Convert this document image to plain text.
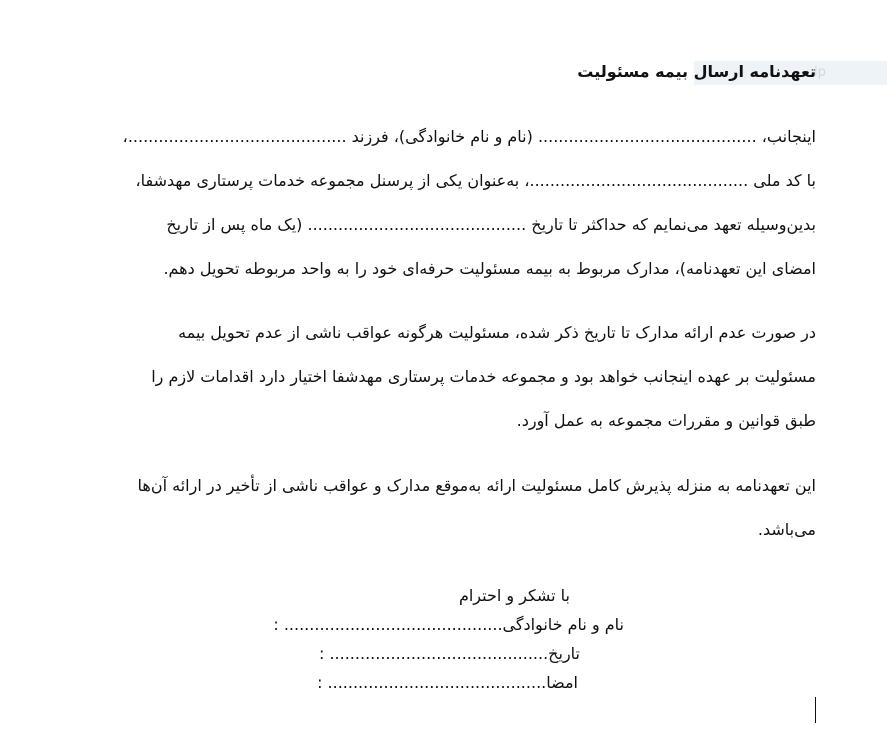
ip
تعهدنامه ارسال بیمه مسئولیت
اینجانب، ........................................... (نام و نام خانوادگی)، فرزند ...........................................،
با کد ملی ...........................................، به‌عنوان یکی از پرسنل مجموعه خدمات پرستاری مهدشفا،
بدین‌وسیله تعهد می‌نمایم که حداکثر تا تاریخ ........................................... (یک ماه پس از تاریخ
امضای این تعهدنامه)، مدارک مربوط به بیمه مسئولیت حرفه‌ای خود را به واحد مربوطه تحویل دهم.
در صورت عدم ارائه مدارک تا تاریخ ذکر شده، مسئولیت هرگونه عواقب ناشی از عدم تحویل بیمه
مسئولیت بر عهده اینجانب خواهد بود و مجموعه خدمات پرستاری مهدشفا اختیار دارد اقدامات لازم را
طبق قوانین و مقررات مجموعه به عمل آورد.
این تعهدنامه به منزله پذیرش کامل مسئولیت ارائه به‌موقع مدارک و عواقب ناشی از تأخیر در ارائه آن‌ها
می‌باشد.
با تشکر و احترام
نام و نام خانوادگی........................................... :
تاریخ........................................... :
امضا........................................... :
